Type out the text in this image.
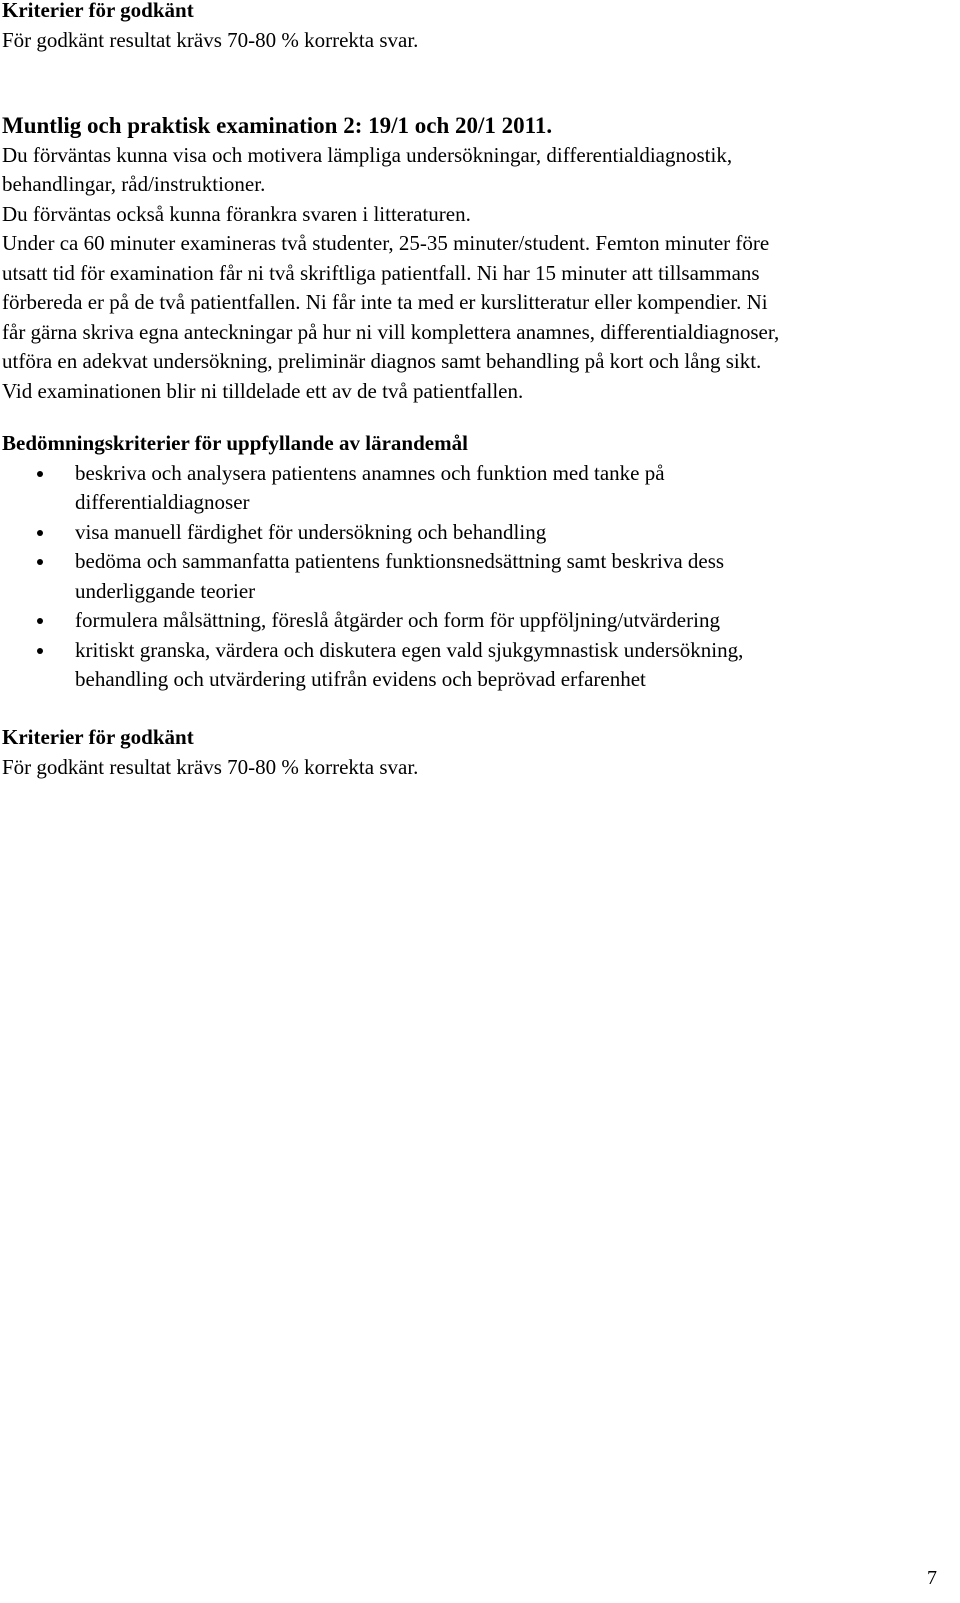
Kriterier för godkänt
För godkänt resultat krävs 70-80 % korrekta svar.
Muntlig och praktisk examination 2: 19/1 och 20/1 2011.
Du förväntas kunna visa och motivera lämpliga undersökningar, differentialdiagnostik,
behandlingar, råd/instruktioner.
Du förväntas också kunna förankra svaren i litteraturen.
Under ca 60 minuter examineras två studenter, 25-35 minuter/student. Femton minuter före
utsatt tid för examination får ni två skriftliga patientfall. Ni har 15 minuter att tillsammans
förbereda er på de två patientfallen. Ni får inte ta med er kurslitteratur eller kompendier. Ni
får gärna skriva egna anteckningar på hur ni vill komplettera anamnes, differentialdiagnoser,
utföra en adekvat undersökning, preliminär diagnos samt behandling på kort och lång sikt.
Vid examinationen blir ni tilldelade ett av de två patientfallen.
Bedömningskriterier för uppfyllande av lärandemål
beskriva och analysera patientens anamnes och funktion med tanke på
differentialdiagnoser
visa manuell färdighet för undersökning och behandling
bedöma och sammanfatta patientens funktionsnedsättning samt beskriva dess
underliggande teorier
formulera målsättning, föreslå åtgärder och form för uppföljning/utvärdering
kritiskt granska, värdera och diskutera egen vald sjukgymnastisk undersökning,
behandling och utvärdering utifrån evidens och beprövad erfarenhet
Kriterier för godkänt
För godkänt resultat krävs 70-80 % korrekta svar.
7
